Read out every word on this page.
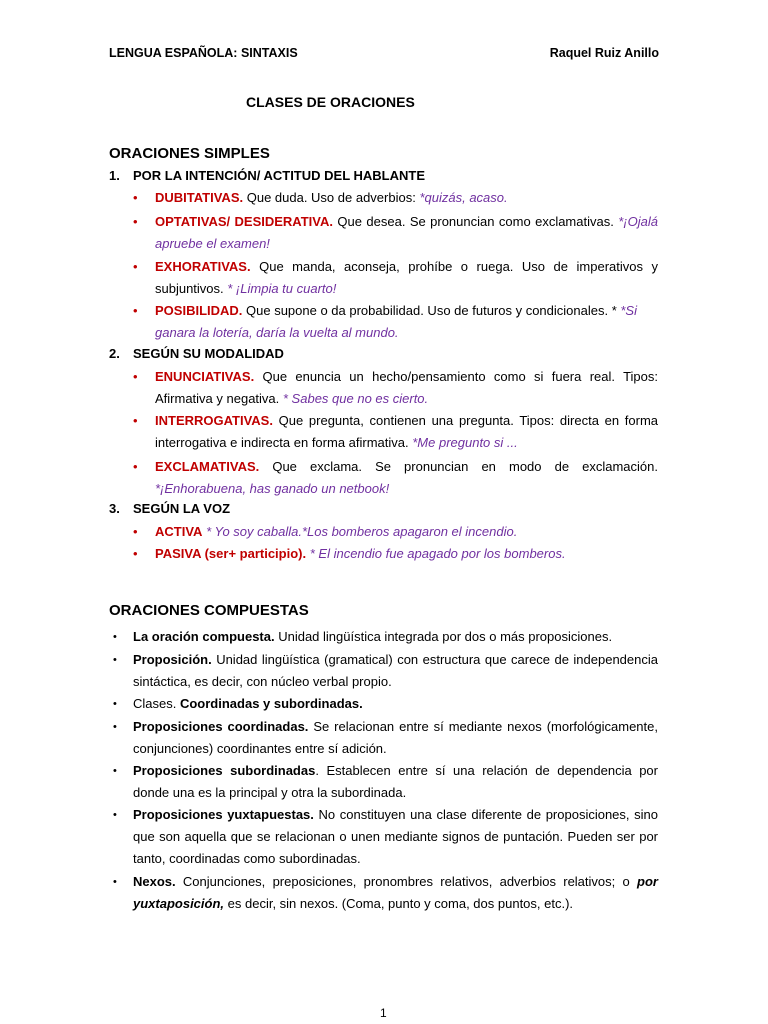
LENGUA ESPAÑOLA: SINTAXIS	Raquel Ruiz Anillo
CLASES DE ORACIONES
ORACIONES SIMPLES
1. POR LA INTENCIÓN/ ACTITUD DEL HABLANTE
• DUBITATIVAS. Que duda. Uso de adverbios: *quizás, acaso.
• OPTATIVAS/ DESIDERATIVA. Que desea. Se pronuncian como exclamativas. *¡Ojalá apruebe el examen!
• EXHORATIVAS. Que manda, aconseja, prohíbe o ruega. Uso de imperativos y subjuntivos. * ¡Limpia tu cuarto!
• POSIBILIDAD. Que supone o da probabilidad. Uso de futuros y condicionales. * *Si ganara la lotería, daría la vuelta al mundo.
2. SEGÚN SU MODALIDAD
• ENUNCIATIVAS. Que enuncia un hecho/pensamiento como si fuera real. Tipos: Afirmativa y negativa. * Sabes que no es cierto.
• INTERROGATIVAS. Que pregunta, contienen una pregunta. Tipos: directa en forma interrogativa e indirecta en forma afirmativa. *Me pregunto si ...
• EXCLAMATIVAS. Que exclama. Se pronuncian en modo de exclamación. *¡Enhorabuena, has ganado un netbook!
3. SEGÚN LA VOZ
• ACTIVA * Yo soy caballa.*Los bomberos apagaron el incendio.
• PASIVA (ser+ participio). * El incendio fue apagado por los bomberos.
ORACIONES COMPUESTAS
• La oración compuesta. Unidad lingüística integrada por dos o más proposiciones.
• Proposición. Unidad lingüística (gramatical) con estructura que carece de independencia sintáctica, es decir, con núcleo verbal propio.
• Clases. Coordinadas y subordinadas.
• Proposiciones coordinadas. Se relacionan entre sí mediante nexos (morfológicamente, conjunciones) coordinantes entre sí adición.
• Proposiciones subordinadas. Establecen entre sí una relación de dependencia por donde una es la principal y otra la subordinada.
• Proposiciones yuxtapuestas. No constituyen una clase diferente de proposiciones, sino que son aquella que se relacionan o unen mediante signos de puntación. Pueden ser por tanto, coordinadas como subordinadas.
• Nexos. Conjunciones, preposiciones, pronombres relativos, adverbios relativos; o por yuxtaposición, es decir, sin nexos. (Coma, punto y coma, dos puntos, etc.).
1
